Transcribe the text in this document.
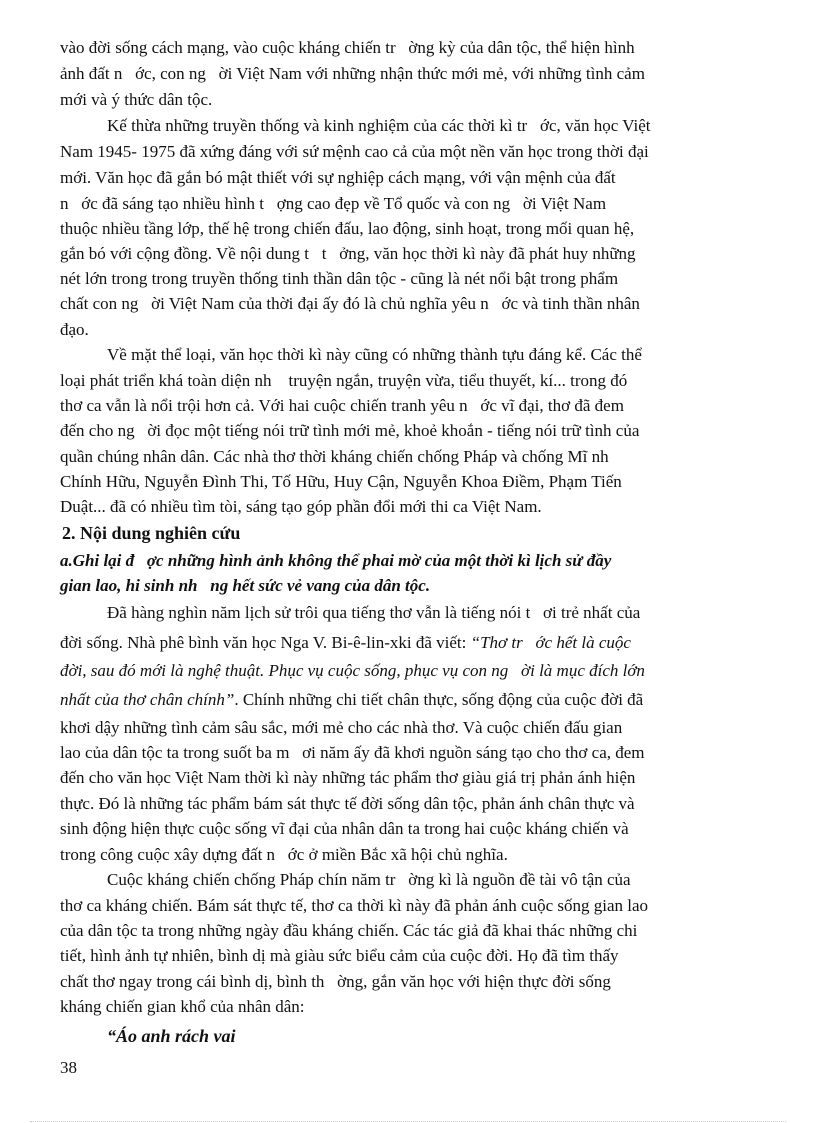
vào đời sống cách mạng, vào cuộc kháng chiến tr   ờng kỳ của dân tộc, thể hiện hình
ảnh đất n   ớc, con ng   ời Việt Nam với những nhận thức mới mẻ, với những tình cảm
mới và ý thức dân tộc.
Kế thừa những truyền thống và kinh nghiệm của các thời kì tr   ớc, văn học Việt
Nam 1945- 1975 đã xứng đáng với sứ mệnh cao cả của một nền văn học trong thời đại
mới. Văn học đã gắn bó mật thiết với sự nghiệp cách mạng, với vận mệnh của đất
n   ớc đã sáng tạo nhiều hình t   ợng cao đẹp về Tổ quốc và con ng   ời Việt Nam
thuộc nhiều tầng lớp, thế hệ trong chiến đấu, lao động, sinh hoạt, trong mối quan hệ,
gắn bó với cộng đồng. Về nội dung t   t   ởng, văn học thời kì này đã phát huy những
nét lớn trong trong truyền thống tinh thần dân tộc - cũng là nét nổi bật trong phẩm
chất con ng   ời Việt Nam của thời đại ấy đó là chủ nghĩa yêu n   ớc và tinh thần nhân
đạo.
Về mặt thể loại, văn học thời kì này cũng có những thành tựu đáng kể. Các thể
loại phát triển khá toàn diện nh    truyện ngắn, truyện vừa, tiểu thuyết, kí... trong đó
thơ ca vẫn là nổi trội hơn cả. Với hai cuộc chiến tranh yêu n   ớc vĩ đại, thơ đã đem
đến cho ng   ời đọc một tiếng nói trữ tình mới mẻ, khoẻ khoắn - tiếng nói trữ tình của
quần chúng nhân dân. Các nhà thơ thời kháng chiến chống Pháp và chống Mĩ nh
Chính Hữu, Nguyễn Đình Thi, Tố Hữu, Huy Cận, Nguyễn Khoa Điềm, Phạm Tiến
Duật... đã có nhiều tìm tòi, sáng tạo góp phần đổi mới thi ca Việt Nam.
2. Nội dung nghiên cứu
a.Ghi lại đ   ợc những hình ảnh không thể phai mờ của một thời kì lịch sử đầy
gian lao, hi sinh nh   ng hết sức vẻ vang của dân tộc.
Đã hàng nghìn năm lịch sử trôi qua tiếng thơ vẫn là tiếng nói t   ơi trẻ nhất của
đời sống. Nhà phê bình văn học Nga V. Bi-ê-lin-xki đã viết: “Thơ tr   ớc hết là cuộc
đời, sau đó mới là nghệ thuật. Phục vụ cuộc sống, phục vụ con ng   ời là mục đích lớn
nhất của thơ chân chính”. Chính những chi tiết chân thực, sống động của cuộc đời đã
khơi dậy những tình cảm sâu sắc, mới mẻ cho các nhà thơ. Và cuộc chiến đấu gian
lao của dân tộc ta trong suốt ba m   ơi năm ấy đã khơi nguồn sáng tạo cho thơ ca, đem
đến cho văn học Việt Nam thời kì này những tác phẩm thơ giàu giá trị phản ánh hiện
thực. Đó là những tác phẩm bám sát thực tế đời sống dân tộc, phản ánh chân thực và
sinh động hiện thực cuộc sống vĩ đại của nhân dân ta trong hai cuộc kháng chiến và
trong công cuộc xây dựng đất n   ớc ở miền Bắc xã hội chủ nghĩa.
Cuộc kháng chiến chống Pháp chín năm tr   ờng kì là nguồn đề tài vô tận của
thơ ca kháng chiến. Bám sát thực tế, thơ ca thời kì này đã phản ánh cuộc sống gian lao
của dân tộc ta trong những ngày đầu kháng chiến. Các tác giả đã khai thác những chi
tiết, hình ảnh tự nhiên, bình dị mà giàu sức biểu cảm của cuộc đời. Họ đã tìm thấy
chất thơ ngay trong cái bình dị, bình th   ờng, gắn văn học với hiện thực đời sống
kháng chiến gian khổ của nhân dân:
“Áo anh rách vai
38
